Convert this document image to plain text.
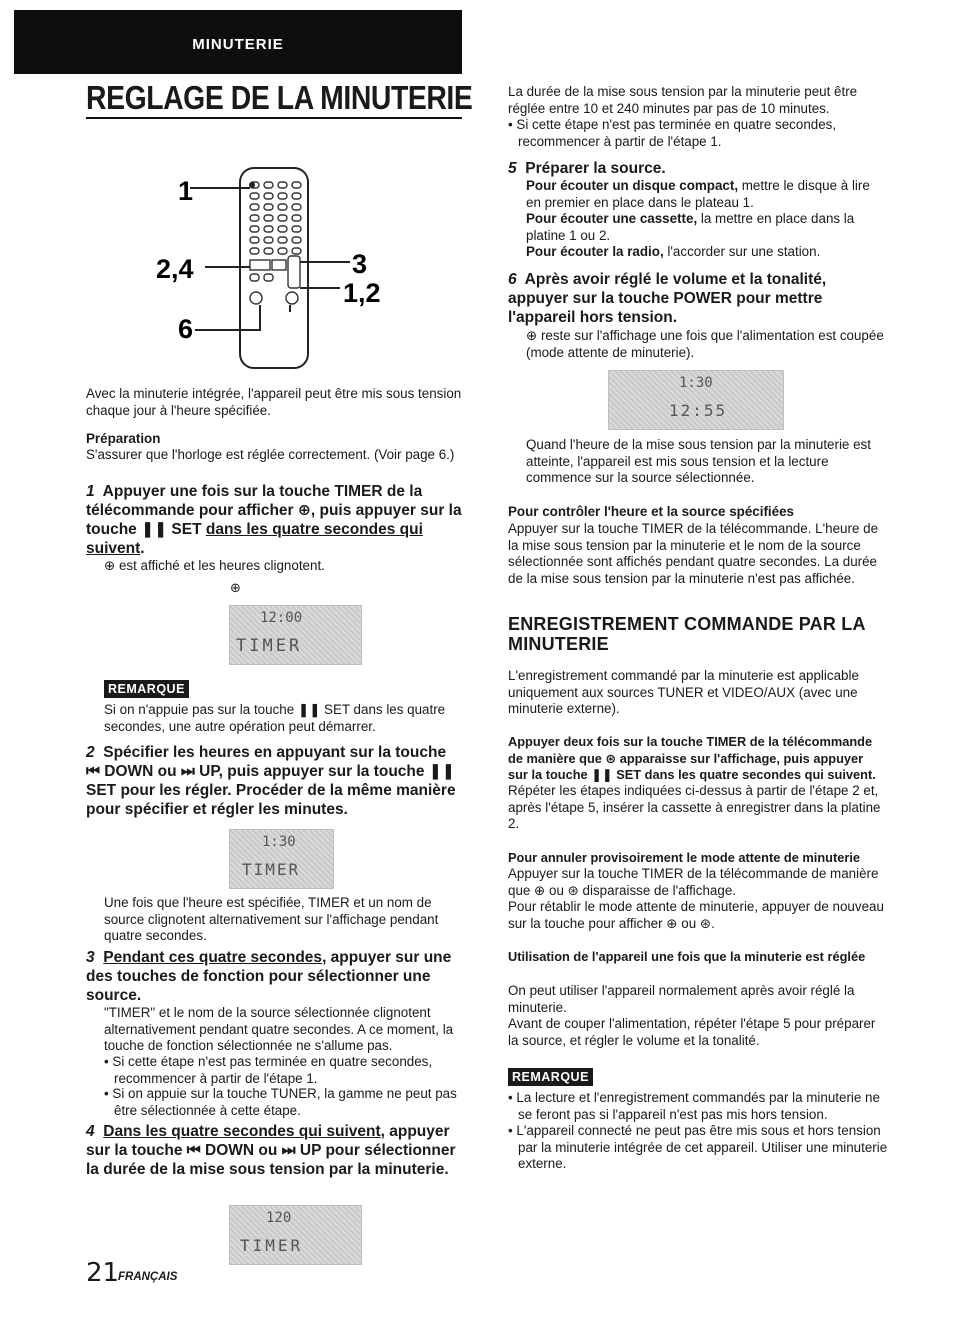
MINUTERIE
REGLAGE DE LA MINUTERIE
1
2,4
6
3
1,2

Avec la minuterie intégrée, l'appareil peut être mis sous tension chaque jour à l'heure spécifiée.

Préparation

S'assurer que l'horloge est réglée correctement. (Voir page 6.)

1 Appuyer une fois sur la touche TIMER de la télécommande pour afficher ⊕, puis appuyer sur la touche ❚❚ SET dans les quatre secondes qui suivent.

⊕ est affiché et les heures clignotent.

⊕
12:00
TIMER
REMARQUE

Si on n'appuie pas sur la touche ❚❚ SET dans les quatre secondes, une autre opération peut démarrer.

2 Spécifier les heures en appuyant sur la touche ⏮ DOWN ou ⏭ UP, puis appuyer sur la touche ❚❚ SET pour les régler. Procéder de la même manière pour spécifier et régler les minutes.

1:30
TIMER

Une fois que l'heure est spécifiée, TIMER et un nom de source clignotent alternativement sur l'affichage pendant quatre secondes.

3 Pendant ces quatre secondes, appuyer sur une des touches de fonction pour sélectionner une source.

"TIMER" et le nom de la source sélectionnée clignotent alternativement pendant quatre secondes. A ce moment, la touche de fonction sélectionnée ne s'allume pas.

• Si cette étape n'est pas terminée en quatre secondes, recommencer à partir de l'étape 1.

• Si on appuie sur la touche TUNER, la gamme ne peut pas être sélectionnée à cette étape.

4 Dans les quatre secondes qui suivent, appuyer sur la touche ⏮ DOWN ou ⏭ UP pour sélectionner la durée de la mise sous tension par la minuterie.

120
TIMER
21
FRANÇAIS

La durée de la mise sous tension par la minuterie peut être réglée entre 10 et 240 minutes par pas de 10 minutes.

• Si cette étape n'est pas terminée en quatre secondes, recommencer à partir de l'étape 1.

5 Préparer la source.

Pour écouter un disque compact, mettre le disque à lire en premier en place dans le plateau 1.

Pour écouter une cassette, la mettre en place dans la platine 1 ou 2.

Pour écouter la radio, l'accorder sur une station.

6 Après avoir réglé le volume et la tonalité, appuyer sur la touche POWER pour mettre l'appareil hors tension.

⊕ reste sur l'affichage une fois que l'alimentation est coupée (mode attente de minuterie).

1:30
12:55

Quand l'heure de la mise sous tension par la minuterie est atteinte, l'appareil est mis sous tension et la lecture commence sur la source sélectionnée.

Pour contrôler l'heure et la source spécifiées

Appuyer sur la touche TIMER de la télécommande. L'heure de la mise sous tension par la minuterie et le nom de la source sélectionnée sont affichés pendant quatre secondes. La durée de la mise sous tension par la minuterie n'est pas affichée.

ENREGISTREMENT COMMANDE PAR LA MINUTERIE

L'enregistrement commandé par la minuterie est applicable uniquement aux sources TUNER et VIDEO/AUX (avec une minuterie externe).

Appuyer deux fois sur la touche TIMER de la télécommande de manière que ⊛ apparaisse sur l'affichage, puis appuyer sur la touche ❚❚ SET dans les quatre secondes qui suivent.

Répéter les étapes indiquées ci-dessus à partir de l'étape 2 et, après l'étape 5, insérer la cassette à enregistrer dans la platine 2.

Pour annuler provisoirement le mode attente de minuterie

Appuyer sur la touche TIMER de la télécommande de manière que ⊕ ou ⊛ disparaisse de l'affichage.

Pour rétablir le mode attente de minuterie, appuyer de nouveau sur la touche pour afficher ⊕ ou ⊛.

Utilisation de l'appareil une fois que la minuterie est réglée

On peut utiliser l'appareil normalement après avoir réglé la minuterie.

Avant de couper l'alimentation, répéter l'étape 5 pour préparer la source, et régler le volume et la tonalité.

REMARQUE

• La lecture et l'enregistrement commandés par la minuterie ne se feront pas si l'appareil n'est pas mis hors tension.

• L'appareil connecté ne peut pas être mis sous et hors tension par la minuterie intégrée de cet appareil. Utiliser une minuterie externe.
